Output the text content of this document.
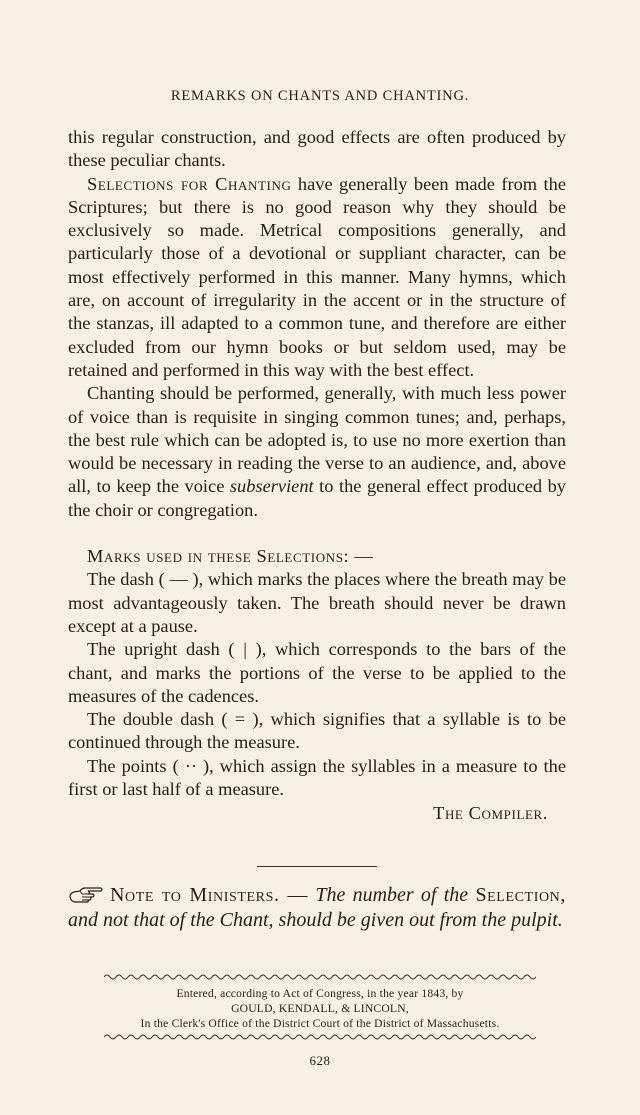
REMARKS ON CHANTS AND CHANTING.

this regular construction, and good effects are often produced by these peculiar chants.

Selections for Chanting have generally been made from the Scriptures; but there is no good reason why they should be exclusively so made. Metrical compositions generally, and particularly those of a devotional or suppliant character, can be most effectively performed in this manner. Many hymns, which are, on account of irregularity in the accent or in the structure of the stanzas, ill adapted to a common tune, and therefore are either excluded from our hymn books or but seldom used, may be retained and performed in this way with the best effect.

Chanting should be performed, generally, with much less power of voice than is requisite in singing common tunes; and, perhaps, the best rule which can be adopted is, to use no more exertion than would be necessary in reading the verse to an audience, and, above all, to keep the voice subservient to the general effect produced by the choir or congregation.

Marks used in these Selections: —

The dash ( — ), which marks the places where the breath may be most advantageously taken. The breath should never be drawn except at a pause.

The upright dash ( | ), which corresponds to the bars of the chant, and marks the portions of the verse to be applied to the measures of the cadences.

The double dash ( = ), which signifies that a syllable is to be continued through the measure.

The points ( ·· ), which assign the syllables in a measure to the first or last half of a measure.

The Compiler.

Note to Ministers. — The number of the Selection, and not that of the Chant, should be given out from the pulpit.
Entered, according to Act of Congress, in the year 1843, by
GOULD, KENDALL, & LINCOLN,
In the Clerk's Office of the District Court of the District of Massachusetts.
628
